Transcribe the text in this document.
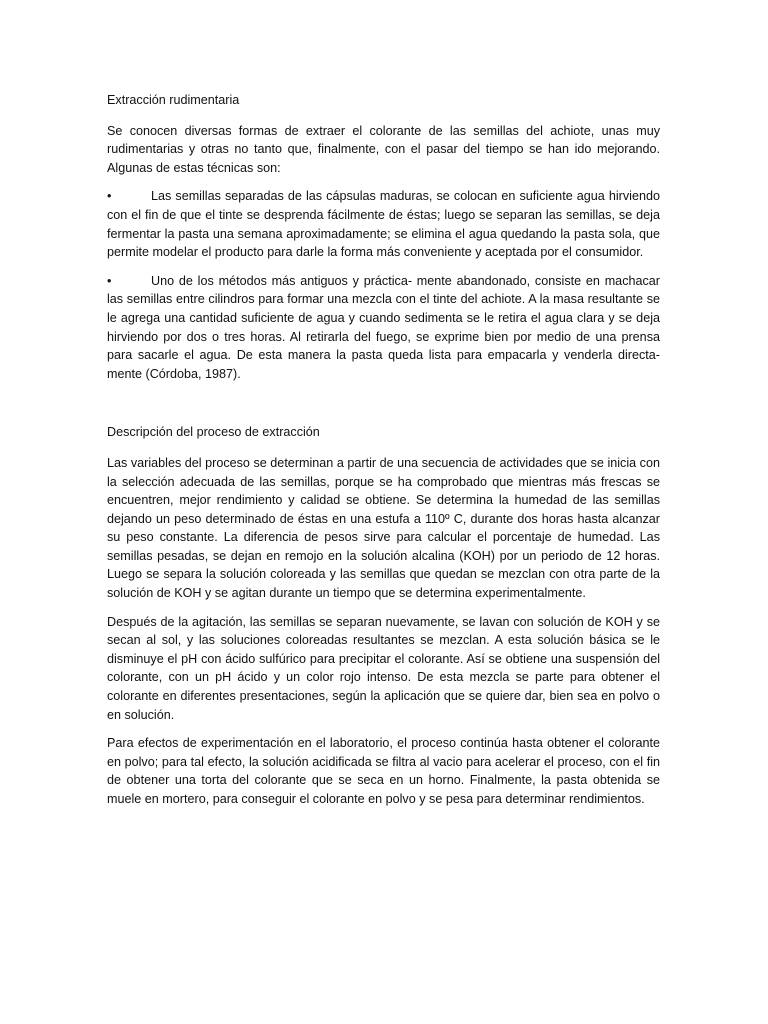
Extracción rudimentaria

Se conocen diversas formas de extraer el colorante de las semillas del achiote, unas muy rudimentarias y otras no tanto que, finalmente, con el pasar del tiempo se han ido mejorando. Algunas de estas técnicas son:

•	Las semillas separadas de las cápsulas maduras, se colocan en suficiente agua hirviendo con el fin de que el tinte se desprenda fácilmente de éstas; luego se separan las semillas, se deja fermentar la pasta una semana aproximadamente; se elimina el agua quedando la pasta sola, que permite modelar el producto para darle la forma más conveniente y aceptada por el consumidor.

•	Uno de los métodos más antiguos y práctica- mente abandonado, consiste en machacar las semillas entre cilindros para formar una mezcla con el tinte del achiote. A la masa resultante se le agrega una cantidad suficiente de agua y cuando sedimenta se le retira el agua clara y se deja hirviendo por dos o tres horas. Al retirarla del fuego, se exprime bien por medio de una prensa para sacarle el agua. De esta manera la pasta queda lista para empacarla y venderla directa- mente (Córdoba, 1987).

Descripción del proceso de extracción

Las variables del proceso se determinan a partir de una secuencia de actividades que se inicia con la selección adecuada de las semillas, porque se ha comprobado que mientras más frescas se encuentren, mejor rendimiento y calidad se obtiene. Se determina la humedad de las semillas dejando un peso determinado de éstas en una estufa a 110º C, durante dos horas hasta alcanzar su peso constante. La diferencia de pesos sirve para calcular el porcentaje de humedad. Las semillas pesadas, se dejan en remojo en la solución alcalina (KOH) por un periodo de 12 horas. Luego se separa la solución coloreada y las semillas que quedan se mezclan con otra parte de la solución de KOH y se agitan durante un tiempo que se determina experimentalmente.

Después de la agitación, las semillas se separan nuevamente, se lavan con solución de KOH y se secan al sol, y las soluciones coloreadas resultantes se mezclan. A esta solución básica se le disminuye el pH con ácido sulfúrico para precipitar el colorante. Así se obtiene una suspensión del colorante, con un pH ácido y un color rojo intenso. De esta mezcla se parte para obtener el colorante en diferentes presentaciones, según la aplicación que se quiere dar, bien sea en polvo o en solución.

Para efectos de experimentación en el laboratorio, el proceso continúa hasta obtener el colorante en polvo; para tal efecto, la solución acidificada se filtra al vacio para acelerar el proceso, con el fin de obtener una torta del colorante que se seca en un horno. Finalmente, la pasta obtenida se muele en mortero, para conseguir el colorante en polvo y se pesa para determinar rendimientos.
